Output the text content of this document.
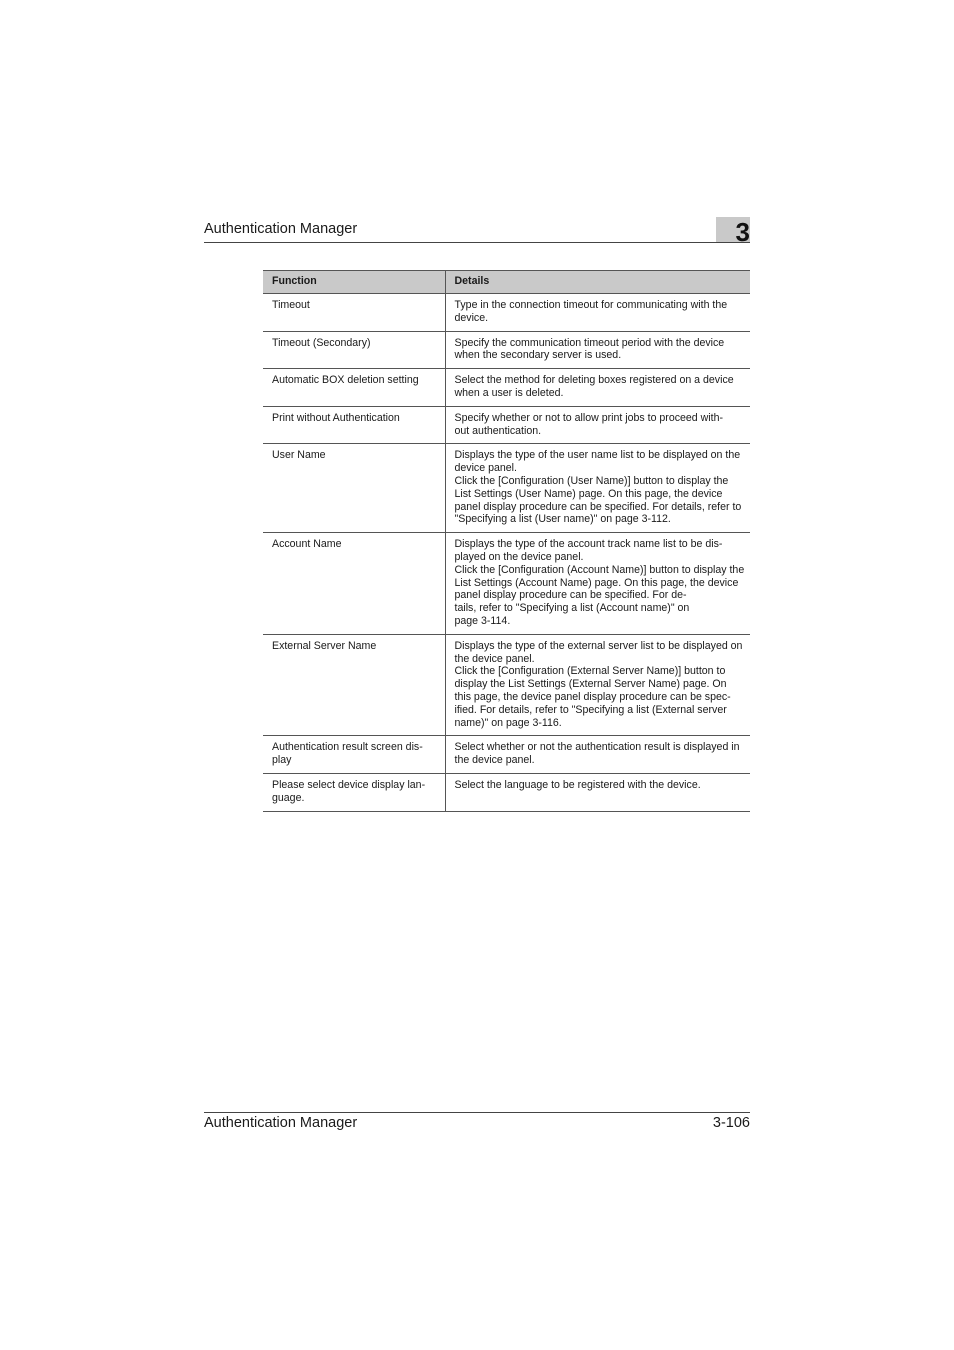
Authentication Manager	3
Function	Details
Timeout	Type in the connection timeout for communicating with the device.
Timeout (Secondary)	Specify the communication timeout period with the device when the secondary server is used.
Automatic BOX deletion setting	Select the method for deleting boxes registered on a device when a user is deleted.
Print without Authentication	Specify whether or not to allow print jobs to proceed with-
out authentication.
User Name	Displays the type of the user name list to be displayed on the device panel.
Click the [Configuration (User Name)] button to display the List Settings (User Name) page. On this page, the device panel display procedure can be specified. For details, refer to "Specifying a list (User name)" on page 3-112.
Account Name	Displays the type of the account track name list to be dis-
played on the device panel.
Click the [Configuration (Account Name)] button to display the List Settings (Account Name) page. On this page, the device panel display procedure can be specified. For de-
tails, refer to "Specifying a list (Account name)" on
page 3-114.
External Server Name	Displays the type of the external server list to be displayed on the device panel.
Click the [Configuration (External Server Name)] button to display the List Settings (External Server Name) page. On this page, the device panel display procedure can be spec-
ified. For details, refer to "Specifying a list (External server name)" on page 3-116.
Authentication result screen dis-
play	Select whether or not the authentication result is displayed in the device panel.
Please select device display lan-
guage.	Select the language to be registered with the device.
Authentication Manager	3-106
